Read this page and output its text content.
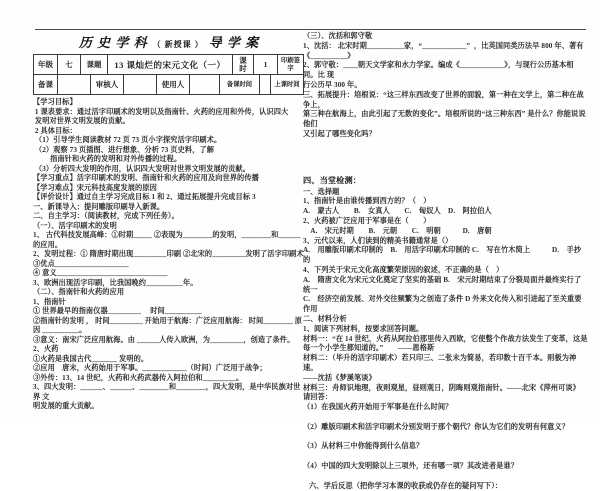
历 史 学 科 （ 新授课 ） 导 学 案
年级	七	课题	13 课灿烂的宋元文化（一）	课 时	1	印刷签字
备课	审核人	使用人	备课时间	上课时间
【学习目标】
1 课表要求：通过活字印刷术的发明以及指南针、火药的应用和外传，认识四大
发明对世界文明发展的贡献。
2 具体目标：
（1）引导学生阅读教材 72 页 73 页小字探究活字印刷术。
（2）观察 73 页插图、进行想象、分析 73 页史料，了解
指南针和火药的发明和对外传播的过程。
（3）分析四大发明的作用，认识四大发明对世界文明发展的贡献。
【学习重点】活字印刷术的发明、指南针和火药的应用及向世界的传播
【学习难点】宋元科技高度发展的原因
【评价设计】通过自主学习完成目标 1 和 2、通过拓展提升完成目标 3
一、新课导入：提问雕版印刷导入新课。
二、自主学习：（阅读教材，完成下列任务）。
（一）、活字印刷术的发明
1、 古代科技发展高峰：①时期_____ ②表现为________的发明，________和______
的应用。
2、发明过程：① 隋唐时期出现_________印刷 ②北宋的_________发明了活字印刷术
③优点____________________
④ 意义______________________________
3、欧洲出现活字印刷，比我国晚约__________年。
（二）、指南针和火药的应用
1、指南针
① 世界最早的指南仪器_________　 时间__________
②指南针的发明 ， 时间_________ 开始用于航海：广泛应用航海： 时间________ 原
因 __________。
③意义：南宋广泛应用航海。由 ______人传入欧洲，为_________，创造了条件。
2、火药
①火药是我国古代_______ 发明的。
②应用　唐末，火药始用于军事。____________（时间）广泛用于战争；
③外传：13、14 世纪，火药和火药武器传入阿拉伯和_________。
3、四大发明：______、______、________和________，四大发明，是中华民族对世界 文
明发展的重大贡献。
（三）、沈括和郭守敬
1、沈括： 北宋时期__________家，“____________”  ，比英国同类历法早 800 年、著有
《__________》
2、郭守敬：____朝天文学家和水力学家。编成《____________》，与现行公历基本相同。比 现
行公历早 300 年。
三、拓展提升：培根说：“这三样东西改变了世界的面貌，第一种在文学上，第二种在战争上，
第三种在航海上，由此引起了无数的变化”。培根所说的“这三种东西” 是什么？你能说说他们
又引起了哪些变化吗？
四、当堂检测：
一、选择题
1、指南针是由谁传播到西方的？（　）
A.　蒙古人　　B.　女真人　　C.　匈奴人　D.　阿拉伯人
2、火药被广泛应用于军事是在（　　）
　A.　宋元时期　　B.　元朝　　C.　明朝　　　D.　唐朝
3、元代以来，人们读到的精美书籍通常是（）
A.　用雕版印刷术印制的　B.　用活字印刷术印制的 C.　写在竹木简上　　　D.　手抄的
4、下列关于宋元文化高度繁荣原因的叙述，不正确的是（　）
A.　隋唐文化为宋元文化奠定了坚实的基础 B.　宋元时期结束了分裂局面并最终实行了统一
C.　经济空前发展、对外交往频繁为之创造了条件 D 外来文化传入和引进起了至关重要作用
二、材料分析
1、阅读下列材料，按要求回答问题。
材料一：“在 14 世纪，火药从阿拉伯那里传入西欧，它使整个作战方法发生了变革，这是
每一个小学生都知道的。”　　——恩格斯
材料二：（毕升的活字印刷术）若只印三、二张未为简易，若印数十百千本。则极为神速。
——沈括《梦溪笔谈》
材料三：舟师识地理，夜则观星，昼则观日，阴晦则观指南针。——北宋《萍州可谈》
请回答：
（1）在我国火药开始用于军事是在什么时间？

（2）雕版印刷术和活字印刷术分别发明于那个朝代？你认为它们的发明有何意义？

（3）从材料三中你能得到什么信息？

（4）中国的四大发明除以上三项外，还有哪一项？其改进者是谁？
六、学后反思（把你学习本课的收获或仍存在的疑问写下）：
